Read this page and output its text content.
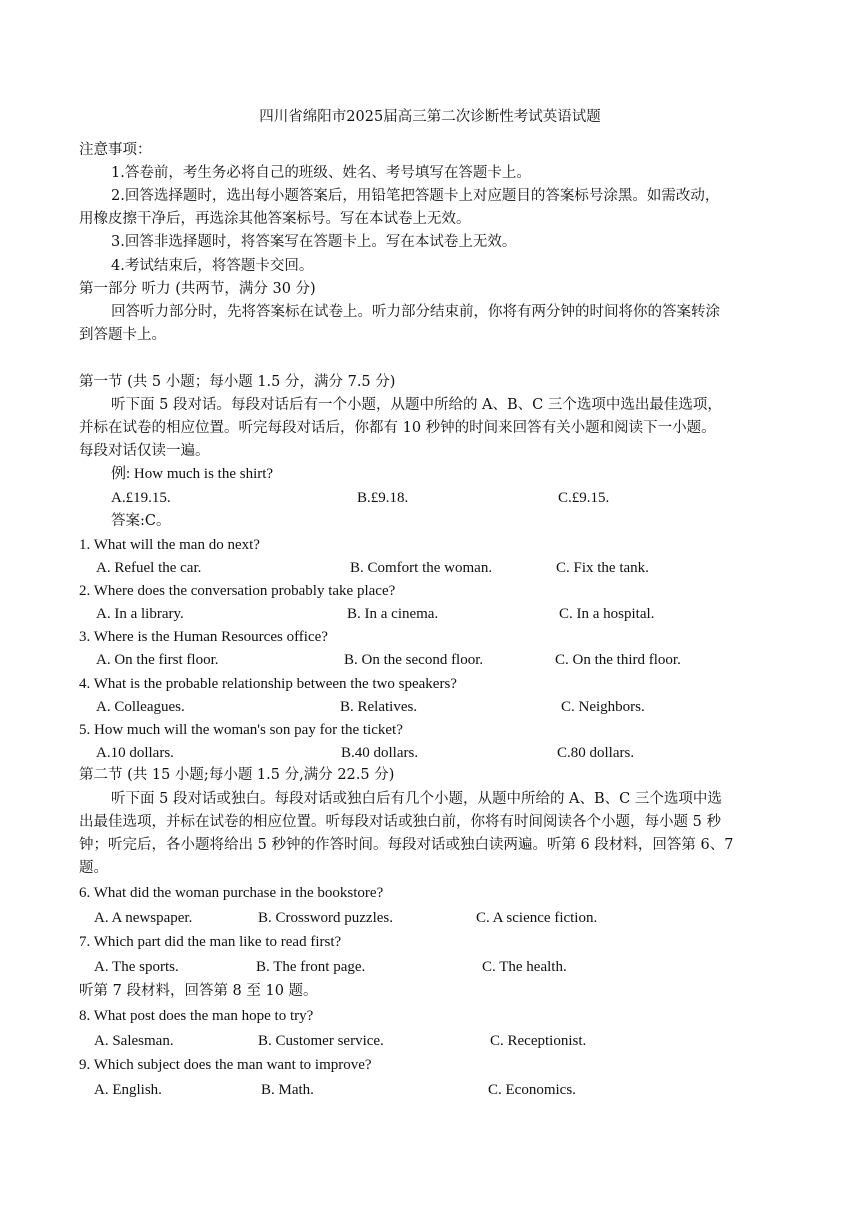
四川省绵阳市2025届高三第二次诊断性考试英语试题
注意事项：
1.答卷前，考生务必将自己的班级、姓名、考号填写在答题卡上。
2.回答选择题时，选出每小题答案后，用铅笔把答题卡上对应题目的答案标号涂黑。如需改动，
用橡皮擦干净后，再选涂其他答案标号。写在本试卷上无效。
3.回答非选择题时，将答案写在答题卡上。写在本试卷上无效。
4.考试结束后，将答题卡交回。
第一部分 听力 (共两节，满分 30 分)
回答听力部分时，先将答案标在试卷上。听力部分结束前，你将有两分钟的时间将你的答案转涂
到答题卡上。
第一节 (共 5 小题；每小题 1.5 分，满分 7.5 分)
听下面 5 段对话。每段对话后有一个小题，从题中所给的 A、B、C 三个选项中选出最佳选项，
并标在试卷的相应位置。听完每段对话后，你都有 10 秒钟的时间来回答有关小题和阅读下一小题。
每段对话仅读一遍。
例: How much is the shirt?
A.£19.15.	B.£9.18.	C.£9.15.
答案:C。
1. What will the man do next?
A. Refuel the car.	B. Comfort the woman.	C. Fix the tank.
2. Where does the conversation probably take place?
A. In a library.	B. In a cinema.	C. In a hospital.
3. Where is the Human Resources office?
A. On the first floor.	B. On the second floor.	C. On the third floor.
4. What is the probable relationship between the two speakers?
A. Colleagues.	B. Relatives.	C. Neighbors.
5. How much will the woman's son pay for the ticket?
A.10 dollars.	B.40 dollars.	C.80 dollars.
第二节 (共 15 小题;每小题 1.5 分,满分 22.5 分)
听下面 5 段对话或独白。每段对话或独白后有几个小题，从题中所给的 A、B、C 三个选项中选
出最佳选项，并标在试卷的相应位置。听每段对话或独白前，你将有时间阅读各个小题，每小题 5 秒
钟；听完后，各小题将给出 5 秒钟的作答时间。每段对话或独白读两遍。听第 6 段材料，回答第 6、7
题。
6. What did the woman purchase in the bookstore?
A. A newspaper.	B. Crossword puzzles.	C. A science fiction.
7. Which part did the man like to read first?
A. The sports.	B. The front page.	C. The health.
听第 7 段材料，回答第 8 至 10 题。
8. What post does the man hope to try?
A. Salesman.	B. Customer service.	C. Receptionist.
9. Which subject does the man want to improve?
A. English.	B. Math.	C. Economics.
